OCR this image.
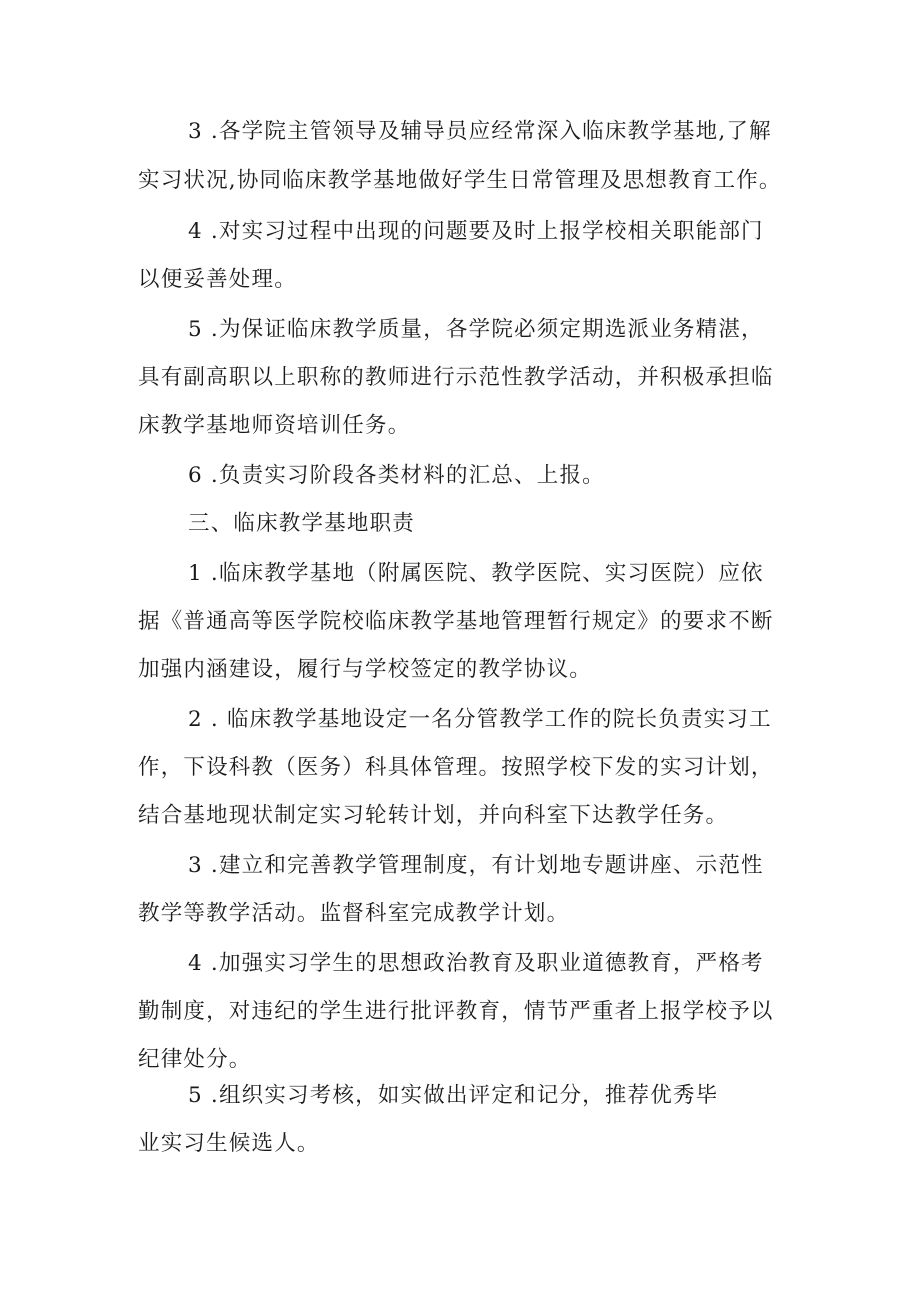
3 .各学院主管领导及辅导员应经常深入临床教学基地,了解
实习状况,协同临床教学基地做好学生日常管理及思想教育工作。
4 .对实习过程中出现的问题要及时上报学校相关职能部门
以便妥善处理。
5 .为保证临床教学质量，各学院必须定期选派业务精湛，
具有副高职以上职称的教师进行示范性教学活动，并积极承担临
床教学基地师资培训任务。
6 .负责实习阶段各类材料的汇总、上报。
三、临床教学基地职责
1 .临床教学基地（附属医院、教学医院、实习医院）应依
据《普通高等医学院校临床教学基地管理暂行规定》的要求不断
加强内涵建设，履行与学校签定的教学协议。
2 . 临床教学基地设定一名分管教学工作的院长负责实习工
作，下设科教（医务）科具体管理。按照学校下发的实习计划，
结合基地现状制定实习轮转计划，并向科室下达教学任务。
3 .建立和完善教学管理制度，有计划地专题讲座、示范性
教学等教学活动。监督科室完成教学计划。
4 .加强实习学生的思想政治教育及职业道德教育，严格考
勤制度，对违纪的学生进行批评教育，情节严重者上报学校予以
纪律处分。
5 .组织实习考核，如实做出评定和记分，推荐优秀毕
业实习生候选人。
